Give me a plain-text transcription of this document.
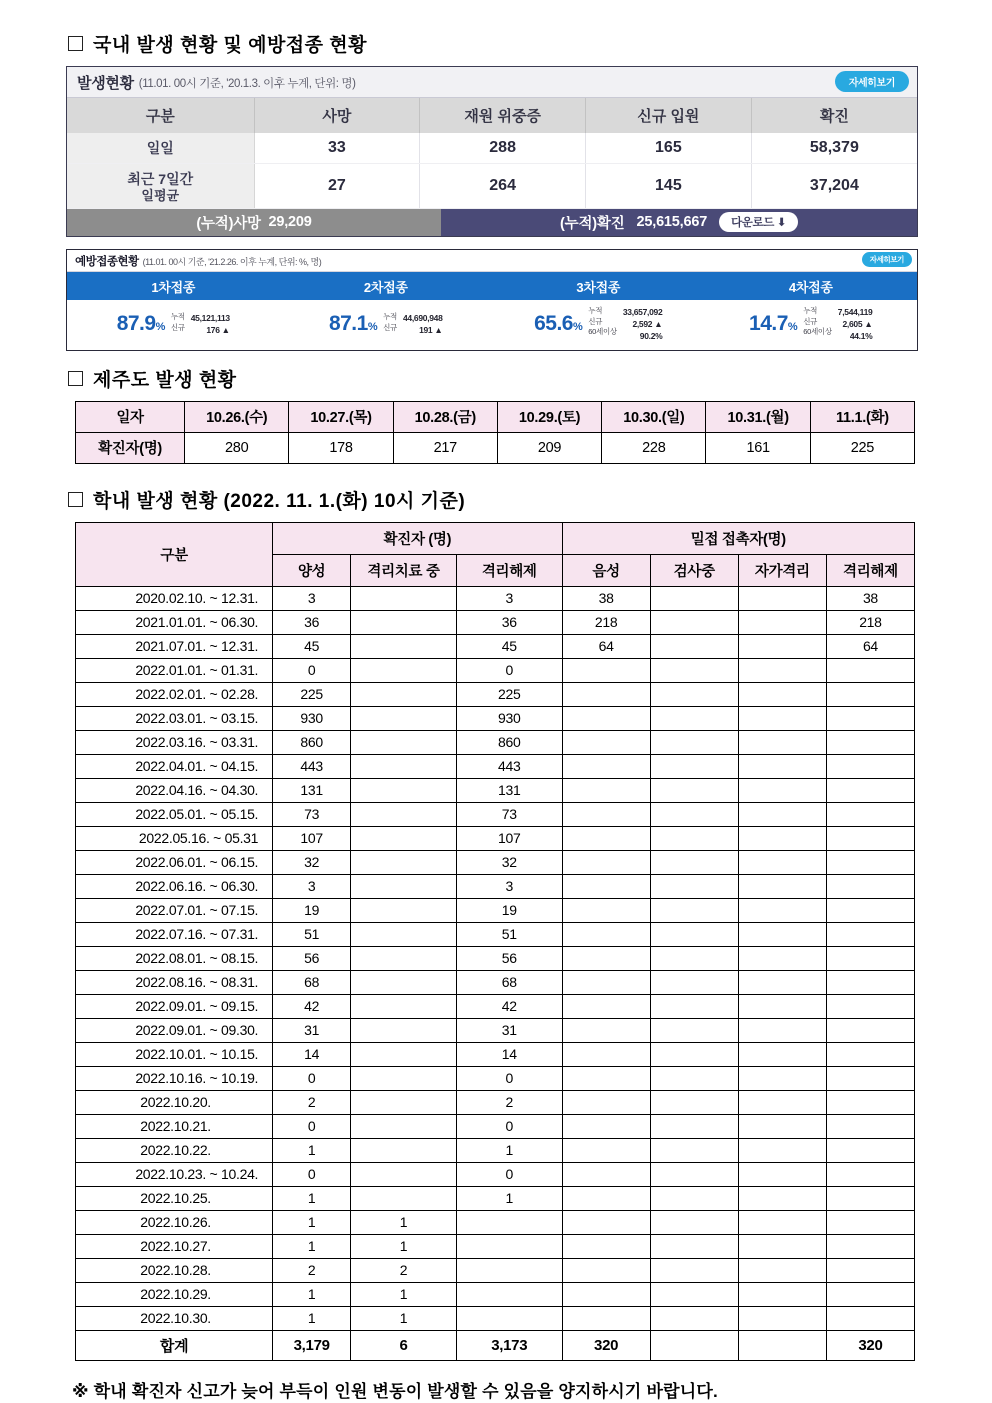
국내 발생 현황 및 예방접종 현황
발생현황 (11.01. 00시 기준, '20.1.3. 이후 누계, 단위: 명)	자세히보기
구분	사망	재원 위중증	신규 입원	확진
일일	33	288	165	58,379
최근 7일간
일평균	27	264	145	37,204
(누적)사망
29,209	(누적)확진 25,615,667	다운로드 ⬇
예방접종현황 (11.01. 00시 기준, '21.2.26. 이후 누계, 단위: %, 명)	자세히보기
1차접종	2차접종	3차접종	4차접종
87.9%
누적
신규
45,121,113
176 ▲	87.1%
누적
신규
44,690,948
191 ▲	65.6%
누적
신규
60세이상
33,657,092
2,592 ▲
90.2%
14.7%
누적
신규
60세이상
7,544,119
2,605 ▲
44.1%
제주도 발생 현황
일자	10.26.(수)	10.27.(목)	10.28.(금)	10.29.(토)	10.30.(일)	10.31.(월)	11.1.(화)
확진자(명)	280	178	217	209	228	161	225
학내 발생 현황 (2022. 11. 1.(화) 10시 기준)
구분	확진자 (명)			밀접 접촉자(명)			
	양성	격리치료 중	격리해제	음성	검사중	자가격리	격리해제
2020.02.10. ~ 12.31.	3		3	38			38
2021.01.01. ~ 06.30.	36		36	218			218
2021.07.01. ~ 12.31.	45		45	64			64
2022.01.01. ~ 01.31.	0		0				
2022.02.01. ~ 02.28.	225		225				
2022.03.01. ~ 03.15.	930		930				
2022.03.16. ~ 03.31.	860		860				
2022.04.01. ~ 04.15.	443		443				
2022.04.16. ~ 04.30.	131		131				
2022.05.01. ~ 05.15.	73		73				
2022.05.16. ~ 05.31	107		107				
2022.06.01. ~ 06.15.	32		32				
2022.06.16. ~ 06.30.	3		3				
2022.07.01. ~ 07.15.	19		19				
2022.07.16. ~ 07.31.	51		51				
2022.08.01. ~ 08.15.	56		56				
2022.08.16. ~ 08.31.	68		68				
2022.09.01. ~ 09.15.	42		42				
2022.09.01. ~ 09.30.	31		31				
2022.10.01. ~ 10.15.	14		14				
2022.10.16. ~ 10.19.	0		0				
2022.10.20.	2		2				
2022.10.21.	0		0				
2022.10.22.	1		1				
2022.10.23. ~ 10.24.	0		0				
2022.10.25.	1		1				
2022.10.26.	1	1					
2022.10.27.	1	1					
2022.10.28.	2	2					
2022.10.29.	1	1					
2022.10.30.	1	1					
합계	3,179	6	3,173	320			320
※ 학내 확진자 신고가 늦어 부득이 인원 변동이 발생할 수 있음을 양지하시기 바랍니다.
